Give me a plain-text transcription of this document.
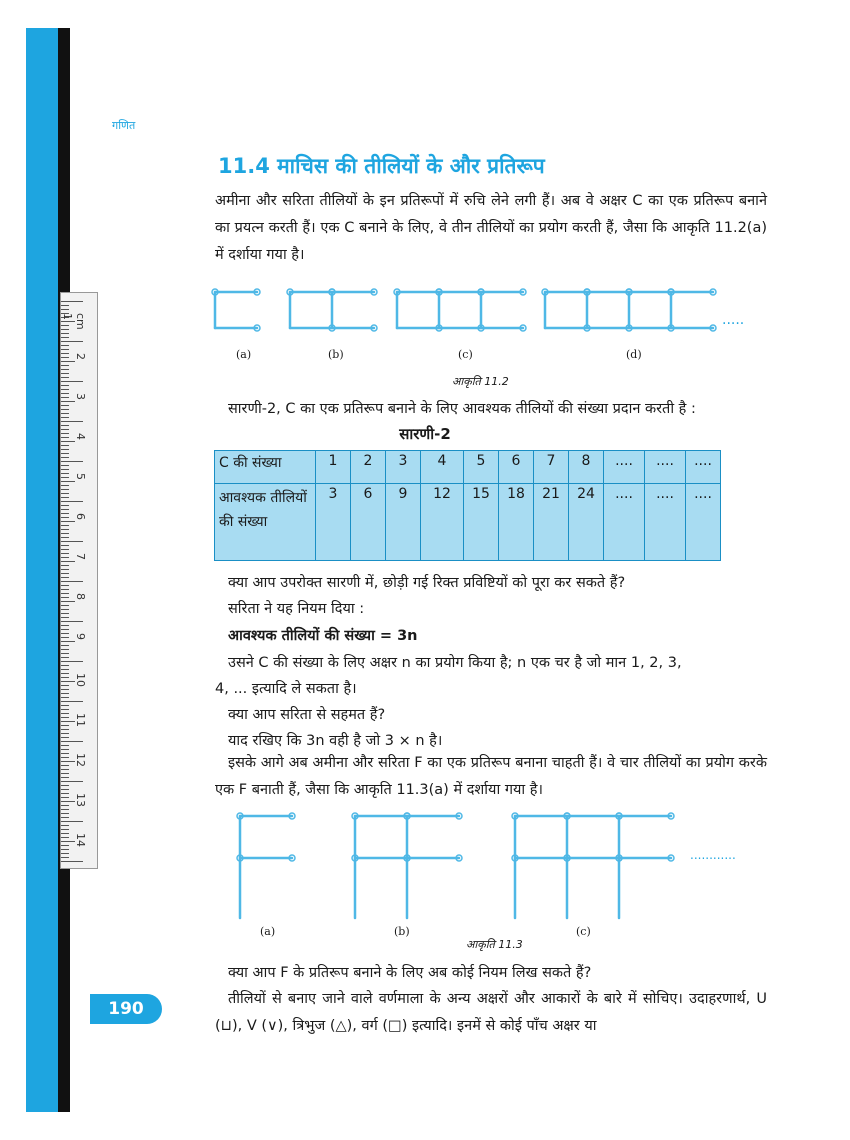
cm 1
2
3
4
5
6
7
8
9
10
11
12
13
14
गणित
11.4 माचिस की तीलियों के और प्रतिरूप
अमीना और सरिता तीलियों के इन प्रतिरूपों में रुचि लेने लगी हैं। अब वे अक्षर C का एक प्रतिरूप बनाने का प्रयत्न करती हैं। एक C बनाने के लिए, वे तीन तीलियों का प्रयोग करती हैं, जैसा कि आकृति 11.2(a) में दर्शाया गया है।
(a)	(b)	(c)	(d)
.....
आकृति 11.2
सारणी-2, C का एक प्रतिरूप बनाने के लिए आवश्यक तीलियों की संख्या प्रदान करती है :
सारणी-2
C की संख्या	1	2	3	4	5	6	7	8	....	....	....
आवश्यक तीलियों की संख्या	3	6	9	12	15	18	21	24	....	....	....
क्या आप उपरोक्त सारणी में, छोड़ी गई रिक्त प्रविष्टियों को पूरा कर सकते हैं?
सरिता ने यह नियम दिया :
आवश्यक तीलियों की संख्या = 3n
उसने C की संख्या के लिए अक्षर n का प्रयोग किया है; n एक चर है जो मान 1, 2, 3,
4, ... इत्यादि ले सकता है।
क्या आप सरिता से सहमत हैं?
याद रखिए कि 3n वही है जो 3 × n है।
इसके आगे अब अमीना और सरिता F का एक प्रतिरूप बनाना चाहती हैं। वे चार तीलियों का प्रयोग करके एक F बनाती हैं, जैसा कि आकृति 11.3(a) में दर्शाया गया है।
............
(a)	(b)	(c)
आकृति 11.3
क्या आप F के प्रतिरूप बनाने के लिए अब कोई नियम लिख सकते हैं?
तीलियों से बनाए जाने वाले वर्णमाला के अन्य अक्षरों और आकारों के बारे में सोचिए। उदाहरणार्थ, U (⊔), V (∨), त्रिभुज (△), वर्ग (□) इत्यादि। इनमें से कोई पाँच अक्षर या
190
